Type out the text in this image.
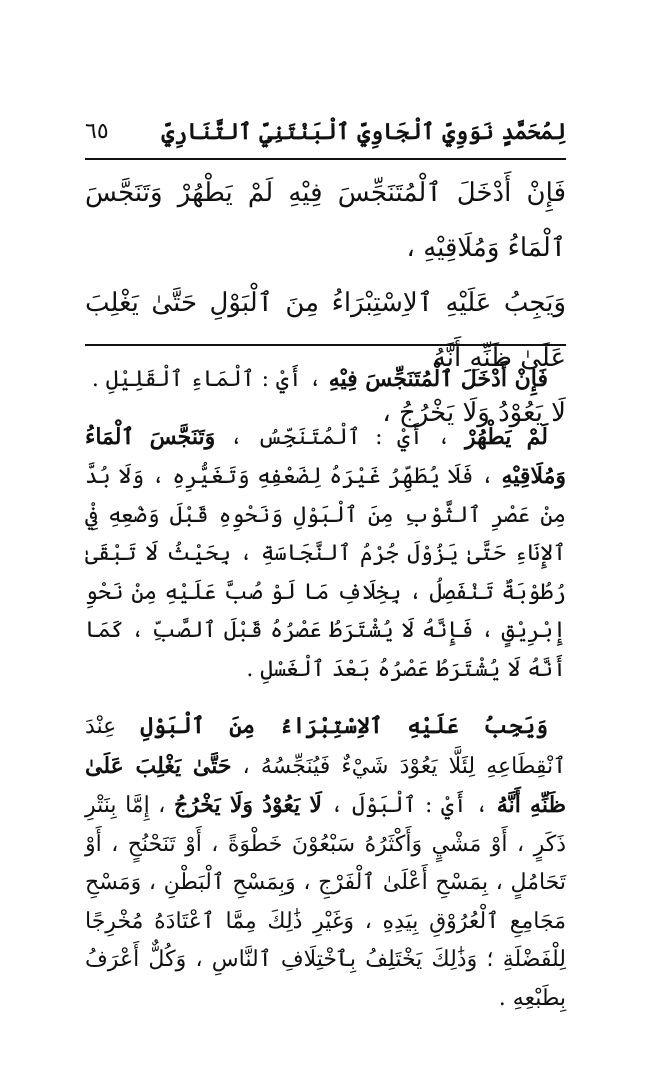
لِمُحَمَّدٍ نَوَوِيِّ ٱلْجَاوِيِّ ٱلْبَنْتَنِيِّ ٱلتَّنَارِيِّ
٦٥
فَإِنْ أَدْخَلَ ٱلْمُتَنَجِّسَ فِيْهِ لَمْ يَطْهُرْ وَتَنَجَّسَ ٱلْمَاءُ وَمُلَاقِيْهِ ،
وَيَجِبُ عَلَيْهِ ٱلاِسْتِبْرَاءُ مِنَ ٱلْبَوْلِ حَتَّىٰ يَغْلِبَ عَلَىٰ ظَنِّهِ أَنَّهُ
لَا يَعُوْدُ وَلَا يَخْرُجُ ،

فَإِنْ أَدْخَلَ ٱلْمُتَنَجِّسَ فِيْهِ ، أَيْ : ٱلْمَاءِ ٱلْقَلِيْلِ .

لَمْ يَطْهُرْ ، أَيْ : ٱلْمُتَنَجِّسُ ، وَتَنَجَّسَ ٱلْمَاءُ وَمُلَاقِيْهِ ، فَلَا يُطَهِّرُ غَيْرَهُ لِضَعْفِهِ وَتَغَيُّرِهِ ، وَلَا بُدَّ مِنْ عَصْرِ ٱلثَّوْبِ مِنَ ٱلْبَوْلِ وَنَحْوِهِ قَبْلَ وَضْعِهِ فِيْ ٱلإِنَاءِ حَتَّىٰ يَزُوْلَ جُرْمُ ٱلنَّجَاسَةِ ، بِحَيْثُ لَا تَبْقَىٰ رُطُوْبَةٌ تَنْفَصِلُ ، بِخِلَافِ مَا لَوْ صُبَّ عَلَيْهِ مِنْ نَحْوِ إِبْرِيْقٍ ، فَإِنَّهُ لَا يُشْتَرَطُ عَصْرُهُ قَبْلَ ٱلصَّبِّ ، كَمَا أَنَّهُ لَا يُشْتَرَطُ عَصْرُهُ بَعْدَ ٱلْغَسْلِ .

وَيَجِبُ عَلَيْهِ ٱلاِسْتِبْرَاءُ مِنَ ٱلْبَوْلِ عِنْدَ ٱنْقِطَاعِهِ لِئَلَّا يَعُوْدَ شَيْءٌ فَيُنَجِّسُهُ ، حَتَّىٰ يَغْلِبَ عَلَىٰ ظَنِّهِ أَنَّهُ ، أَيْ : ٱلْبَوْلَ ، لَا يَعُوْدُ وَلَا يَخْرُجُ ، إِمَّا بِنَتْرِ ذَكَرٍ ، أَوْ مَشْيٍ وَأَكْثَرُهُ سَبْعُوْنَ خَطْوَةً ، أَوْ تَنَحْنُحٍ ، أَوْ تَحَامُلٍ ، بِمَسْحِ أَعْلَىٰ ٱلْفَرْجِ ، وَبِمَسْحِ ٱلْبَطْنِ ، وَمَسْحِ مَجَامِعِ ٱلْعُرُوْقِ بِيَدِهِ ، وَغَيْرِ ذَٰلِكَ مِمَّا ٱعْتَادَهُ مُخْرِجًا لِلْفَضْلَةِ ؛ وَذَٰلِكَ يَخْتَلِفُ بِٱخْتِلَافِ ٱلنَّاسِ ، وَكُلٌّ أَعْرَفُ بِطَبْعِهِ .
